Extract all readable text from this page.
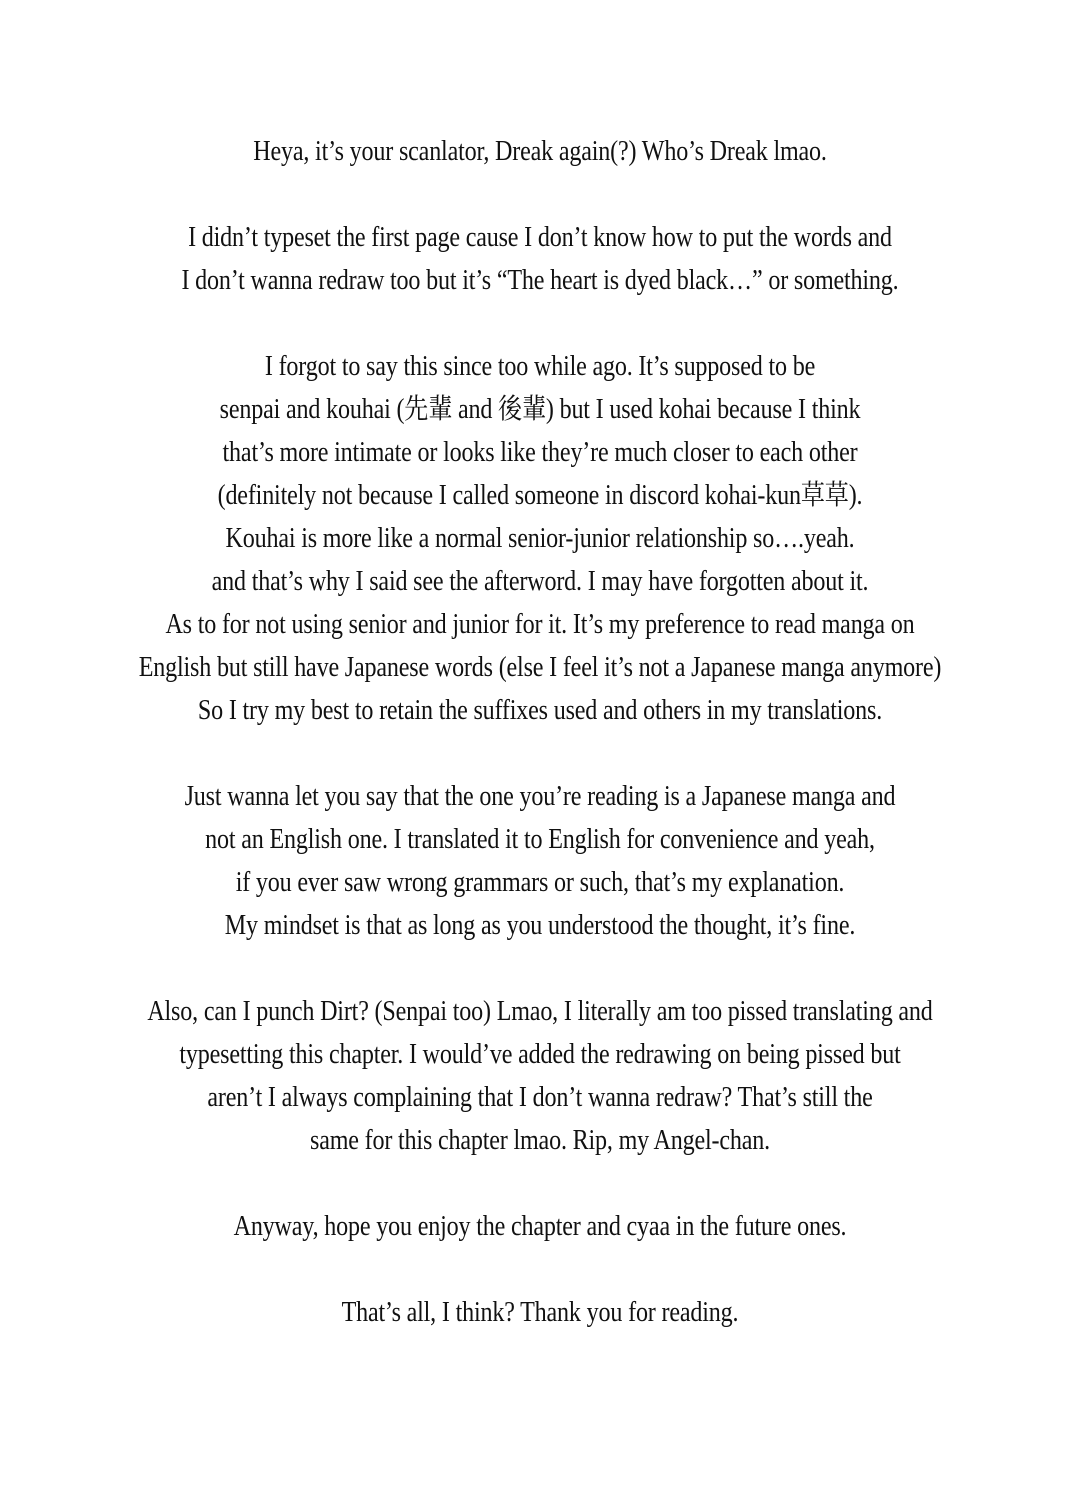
Heya, it’s your scanlator, Dreak again(?) Who’s Dreak lmao.
I didn’t typeset the first page cause I don’t know how to put the words and
I don’t wanna redraw too but it’s “The heart is dyed black…” or something.
I forgot to say this since too while ago. It’s supposed to be
senpai and kouhai (先輩 and 後輩) but I used kohai because I think
that’s more intimate or looks like they’re much closer to each other
(definitely not because I called someone in discord kohai-kun草草).
Kouhai is more like a normal senior-junior relationship so….yeah.
and that’s why I said see the afterword. I may have forgotten about it.
As to for not using senior and junior for it. It’s my preference to read manga on
English but still have Japanese words (else I feel it’s not a Japanese manga anymore)
So I try my best to retain the suffixes used and others in my translations.
Just wanna let you say that the one you’re reading is a Japanese manga and
not an English one. I translated it to English for convenience and yeah,
if you ever saw wrong grammars or such, that’s my explanation.
My mindset is that as long as you understood the thought, it’s fine.
Also, can I punch Dirt? (Senpai too) Lmao, I literally am too pissed translating and
typesetting this chapter. I would’ve added the redrawing on being pissed but
aren’t I always complaining that I don’t wanna redraw? That’s still the
same for this chapter lmao. Rip, my Angel-chan.
Anyway, hope you enjoy the chapter and cyaa in the future ones.
That’s all, I think? Thank you for reading.
